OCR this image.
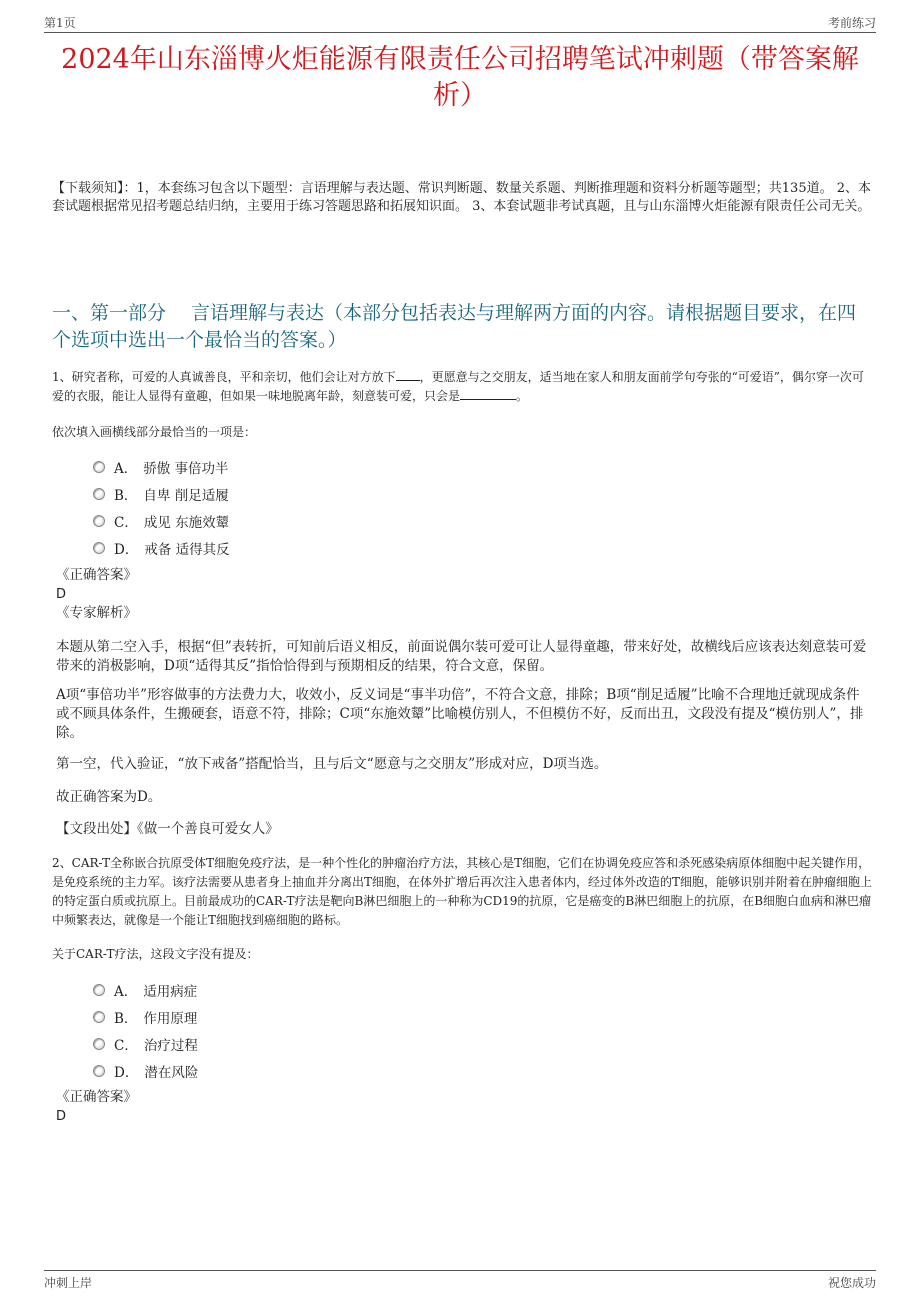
第1页	考前练习
2024年山东淄博火炬能源有限责任公司招聘笔试冲刺题（带答案解析）
【下载须知】：1，本套练习包含以下题型：言语理解与表达题、常识判断题、数量关系题、判断推理题和资料分析题等题型；共135道。 2、本套试题根据常见招考题总结归纳，主要用于练习答题思路和拓展知识面。 3、本套试题非考试真题，且与山东淄博火炬能源有限责任公司无关。
一、第一部分　 言语理解与表达（本部分包括表达与理解两方面的内容。请根据题目要求，在四个选项中选出一个最恰当的答案。）
1、研究者称，可爱的人真诚善良，平和亲切，他们会让对方放下 ，更愿意与之交朋友，适当地在家人和朋友面前学句夸张的“可爱语”，偶尔穿一次可爱的衣服，能让人显得有童趣，但如果一味地脱离年龄，刻意装可爱，只会是	。
依次填入画横线部分最恰当的一项是：
A． 骄傲 事倍功半
B． 自卑 削足适履
C． 成见 东施效颦
D． 戒备 适得其反
《正确答案》
D
《专家解析》
本题从第二空入手，根据“但”表转折，可知前后语义相反，前面说偶尔装可爱可让人显得童趣，带来好处，故横线后应该表达刻意装可爱带来的消极影响，D项“适得其反”指恰恰得到与预期相反的结果，符合文意，保留。
A项“事倍功半”形容做事的方法费力大，收效小，反义词是“事半功倍”，不符合文意，排除；B项“削足适履”比喻不合理地迁就现成条件或不顾具体条件，生搬硬套，语意不符，排除；C项“东施效颦”比喻模仿别人，不但模仿不好，反而出丑，文段没有提及“模仿别人”，排除。
第一空，代入验证，“放下戒备”搭配恰当，且与后文“愿意与之交朋友”形成对应，D项当选。
故正确答案为D。
【文段出处】《做一个善良可爱女人》
2、CAR-T全称嵌合抗原受体T细胞免疫疗法，是一种个性化的肿瘤治疗方法，其核心是T细胞，它们在协调免疫应答和杀死感染病原体细胞中起关键作用，是免疫系统的主力军。该疗法需要从患者身上抽血并分离出T细胞，在体外扩增后再次注入患者体内，经过体外改造的T细胞，能够识别并附着在肿瘤细胞上的特定蛋白质或抗原上。目前最成功的CAR-T疗法是靶向B淋巴细胞上的一种称为CD19的抗原，它是癌变的B淋巴细胞上的抗原，在B细胞白血病和淋巴瘤中频繁表达，就像是一个能让T细胞找到癌细胞的路标。
关于CAR-T疗法，这段文字没有提及：
A． 适用病症
B． 作用原理
C． 治疗过程
D． 潜在风险
《正确答案》
D
冲刺上岸	祝您成功
